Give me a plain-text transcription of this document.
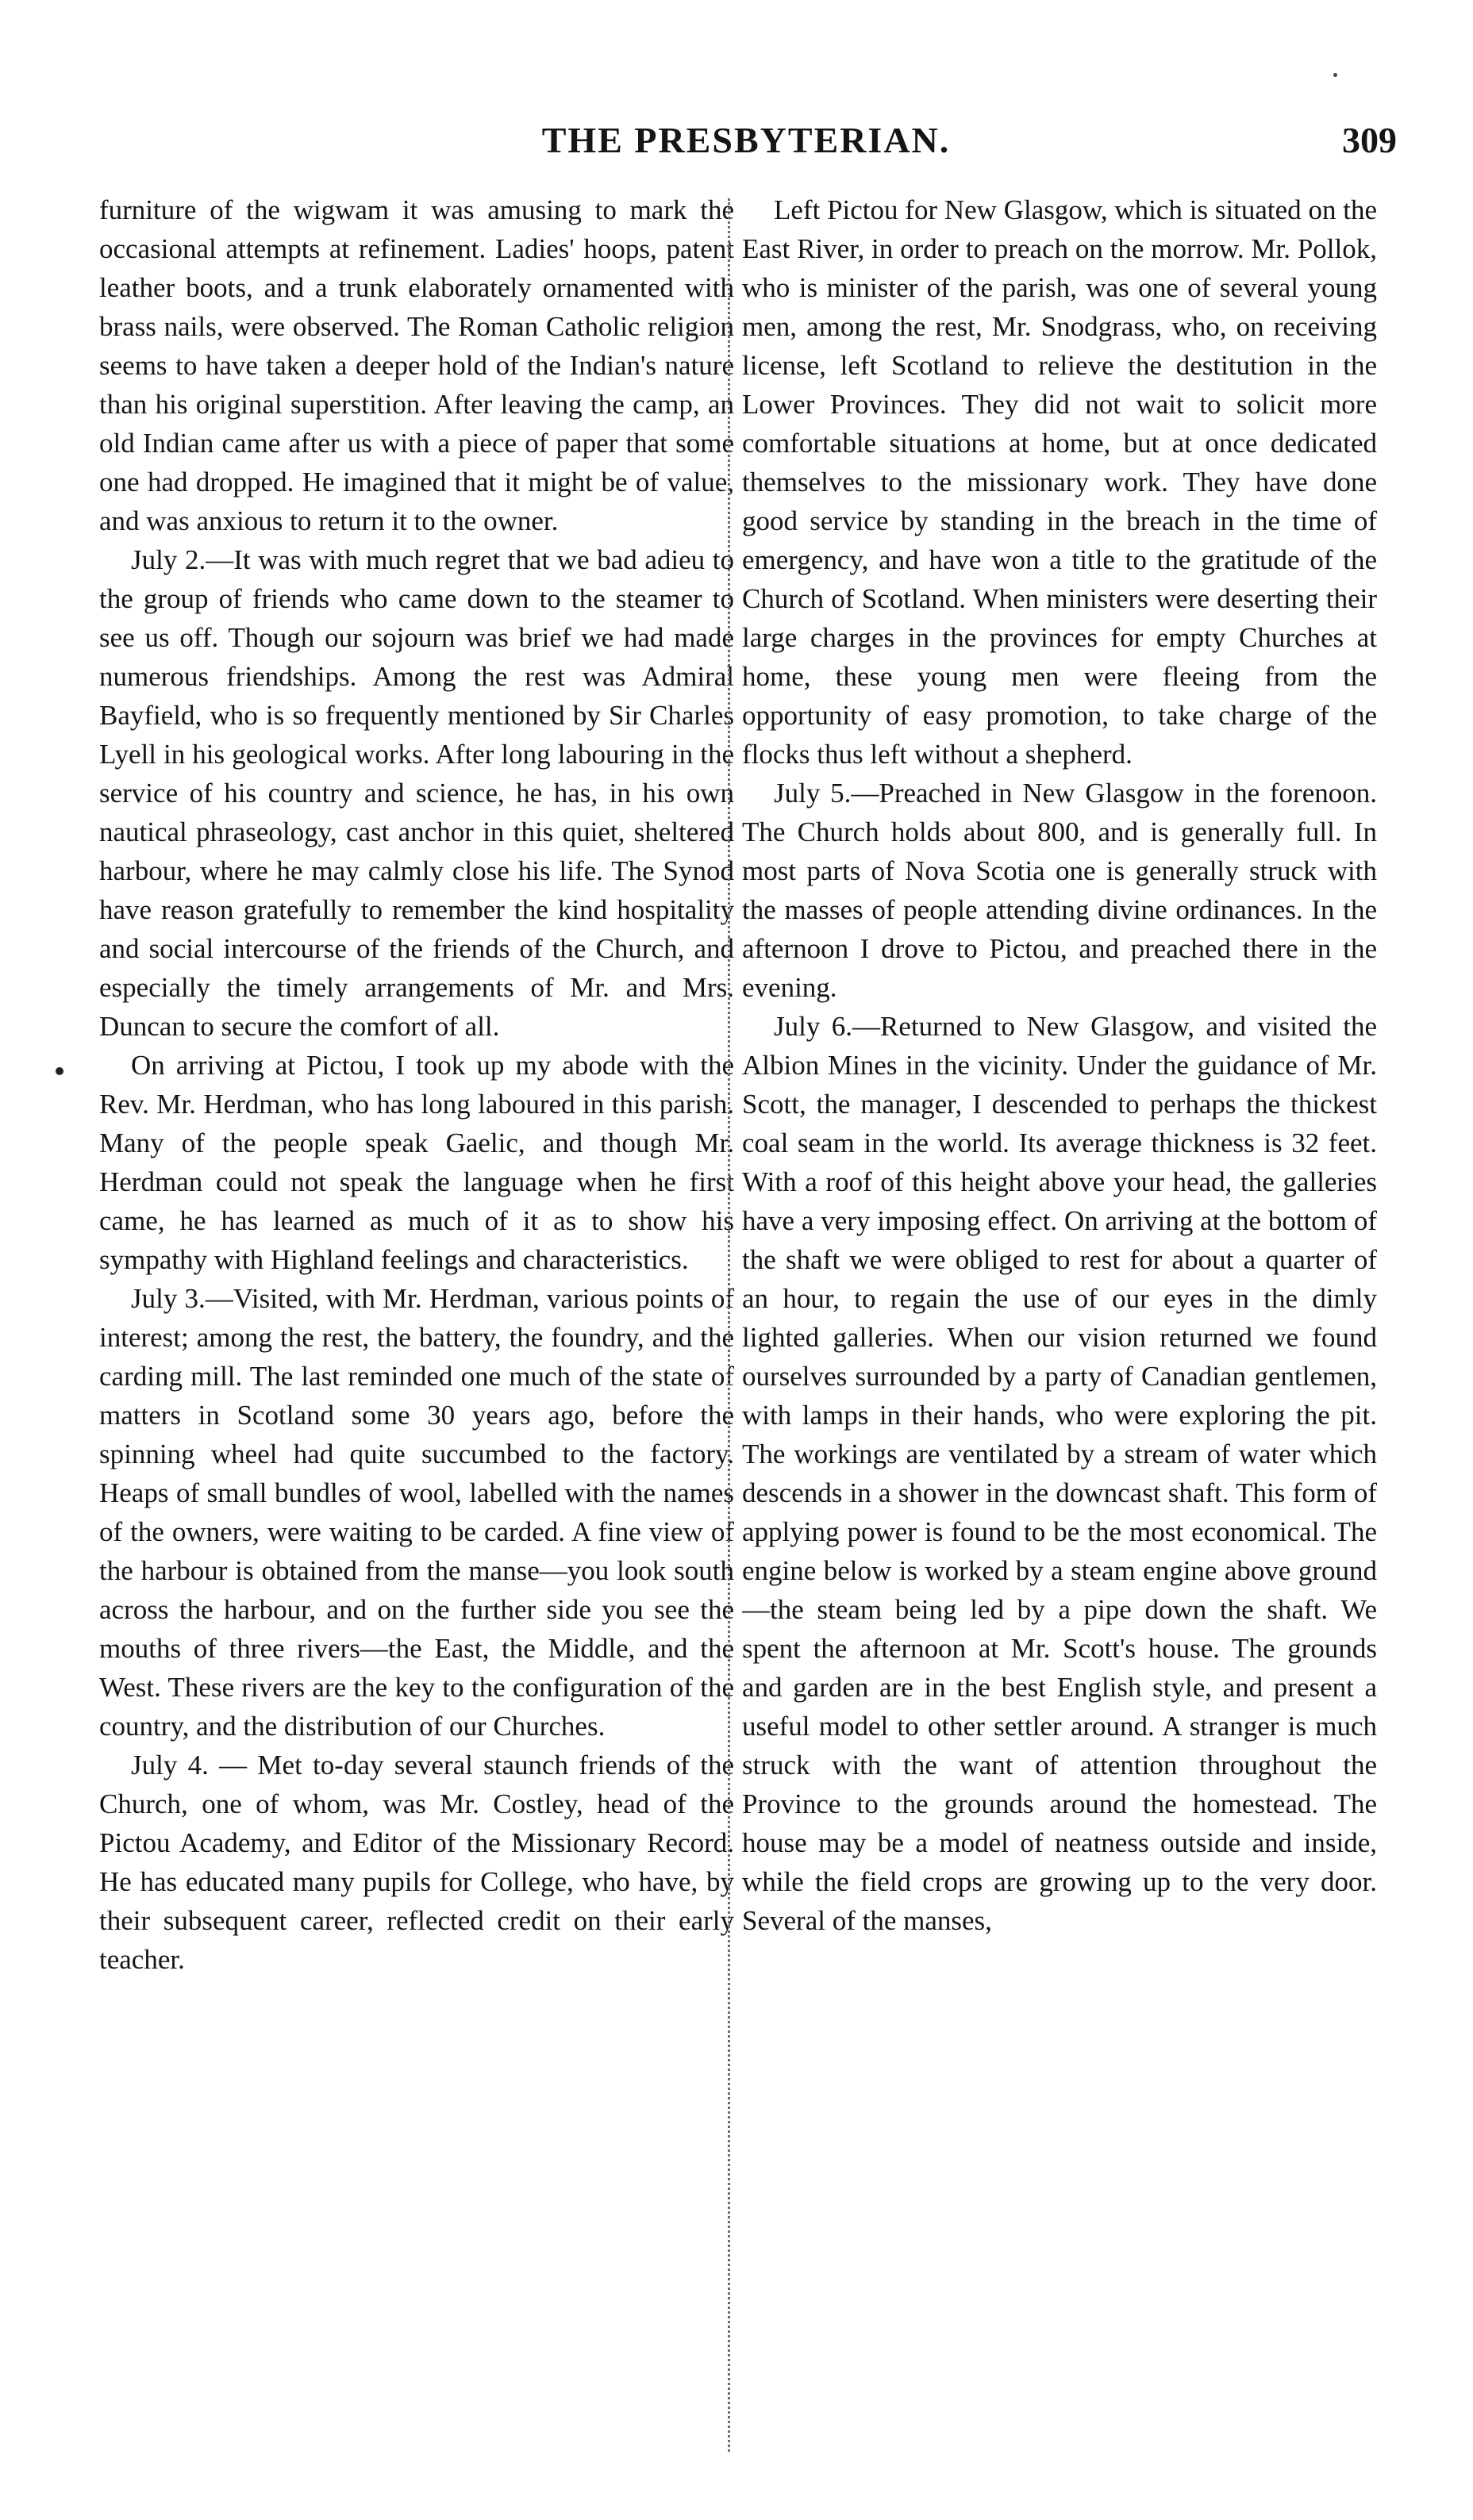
THE PRESBYTERIAN.	309

furniture of the wigwam it was amusing to mark the occasional attempts at refinement. Ladies' hoops, patent leather boots, and a trunk elaborately ornamented with brass nails, were observed. The Roman Catholic religion seems to have taken a deeper hold of the Indian's nature than his original superstition. After leaving the camp, an old Indian came after us with a piece of paper that some one had dropped. He imagined that it might be of value, and was anxious to return it to the owner.

July 2.—It was with much regret that we bad adieu to the group of friends who came down to the steamer to see us off. Though our sojourn was brief we had made numerous friendships. Among the rest was Admiral Bayfield, who is so frequently mentioned by Sir Charles Lyell in his geological works. After long labouring in the service of his country and science, he has, in his own nautical phraseology, cast anchor in this quiet, sheltered harbour, where he may calmly close his life. The Synod have reason gratefully to remember the kind hospitality and social intercourse of the friends of the Church, and especially the timely arrangements of Mr. and Mrs. Duncan to secure the comfort of all.

On arriving at Pictou, I took up my abode with the Rev. Mr. Herdman, who has long laboured in this parish. Many of the people speak Gaelic, and though Mr. Herdman could not speak the language when he first came, he has learned as much of it as to show his sympathy with Highland feelings and characteristics.

July 3.—Visited, with Mr. Herdman, various points of interest; among the rest, the battery, the foundry, and the carding mill. The last reminded one much of the state of matters in Scotland some 30 years ago, before the spinning wheel had quite succumbed to the factory. Heaps of small bundles of wool, labelled with the names of the owners, were waiting to be carded. A fine view of the harbour is obtained from the manse—you look south across the harbour, and on the further side you see the mouths of three rivers—the East, the Middle, and the West. These rivers are the key to the configuration of the country, and the distribution of our Churches.

July 4. — Met to-day several staunch friends of the Church, one of whom, was Mr. Costley, head of the Pictou Academy, and Editor of the Missionary Record. He has educated many pupils for College, who have, by their subsequent career, reflected credit on their early teacher.

Left Pictou for New Glasgow, which is situated on the East River, in order to preach on the morrow. Mr. Pollok, who is minister of the parish, was one of several young men, among the rest, Mr. Snodgrass, who, on receiving license, left Scotland to relieve the destitution in the Lower Provinces. They did not wait to solicit more comfortable situations at home, but at once dedicated themselves to the missionary work. They have done good service by standing in the breach in the time of emergency, and have won a title to the gratitude of the Church of Scotland. When ministers were deserting their large charges in the provinces for empty Churches at home, these young men were fleeing from the opportunity of easy promotion, to take charge of the flocks thus left without a shepherd.

July 5.—Preached in New Glasgow in the forenoon. The Church holds about 800, and is generally full. In most parts of Nova Scotia one is generally struck with the masses of people attending divine ordinances. In the afternoon I drove to Pictou, and preached there in the evening.

July 6.—Returned to New Glasgow, and visited the Albion Mines in the vicinity. Under the guidance of Mr. Scott, the manager, I descended to perhaps the thickest coal seam in the world. Its average thickness is 32 feet. With a roof of this height above your head, the galleries have a very imposing effect. On arriving at the bottom of the shaft we were obliged to rest for about a quarter of an hour, to regain the use of our eyes in the dimly lighted galleries. When our vision returned we found ourselves surrounded by a party of Canadian gentlemen, with lamps in their hands, who were exploring the pit. The workings are ventilated by a stream of water which descends in a shower in the downcast shaft. This form of applying power is found to be the most economical. The engine below is worked by a steam engine above ground—the steam being led by a pipe down the shaft. We spent the afternoon at Mr. Scott's house. The grounds and garden are in the best English style, and present a useful model to other settler around. A stranger is much struck with the want of attention throughout the Province to the grounds around the homestead. The house may be a model of neatness outside and inside, while the field crops are growing up to the very door. Several of the manses,
